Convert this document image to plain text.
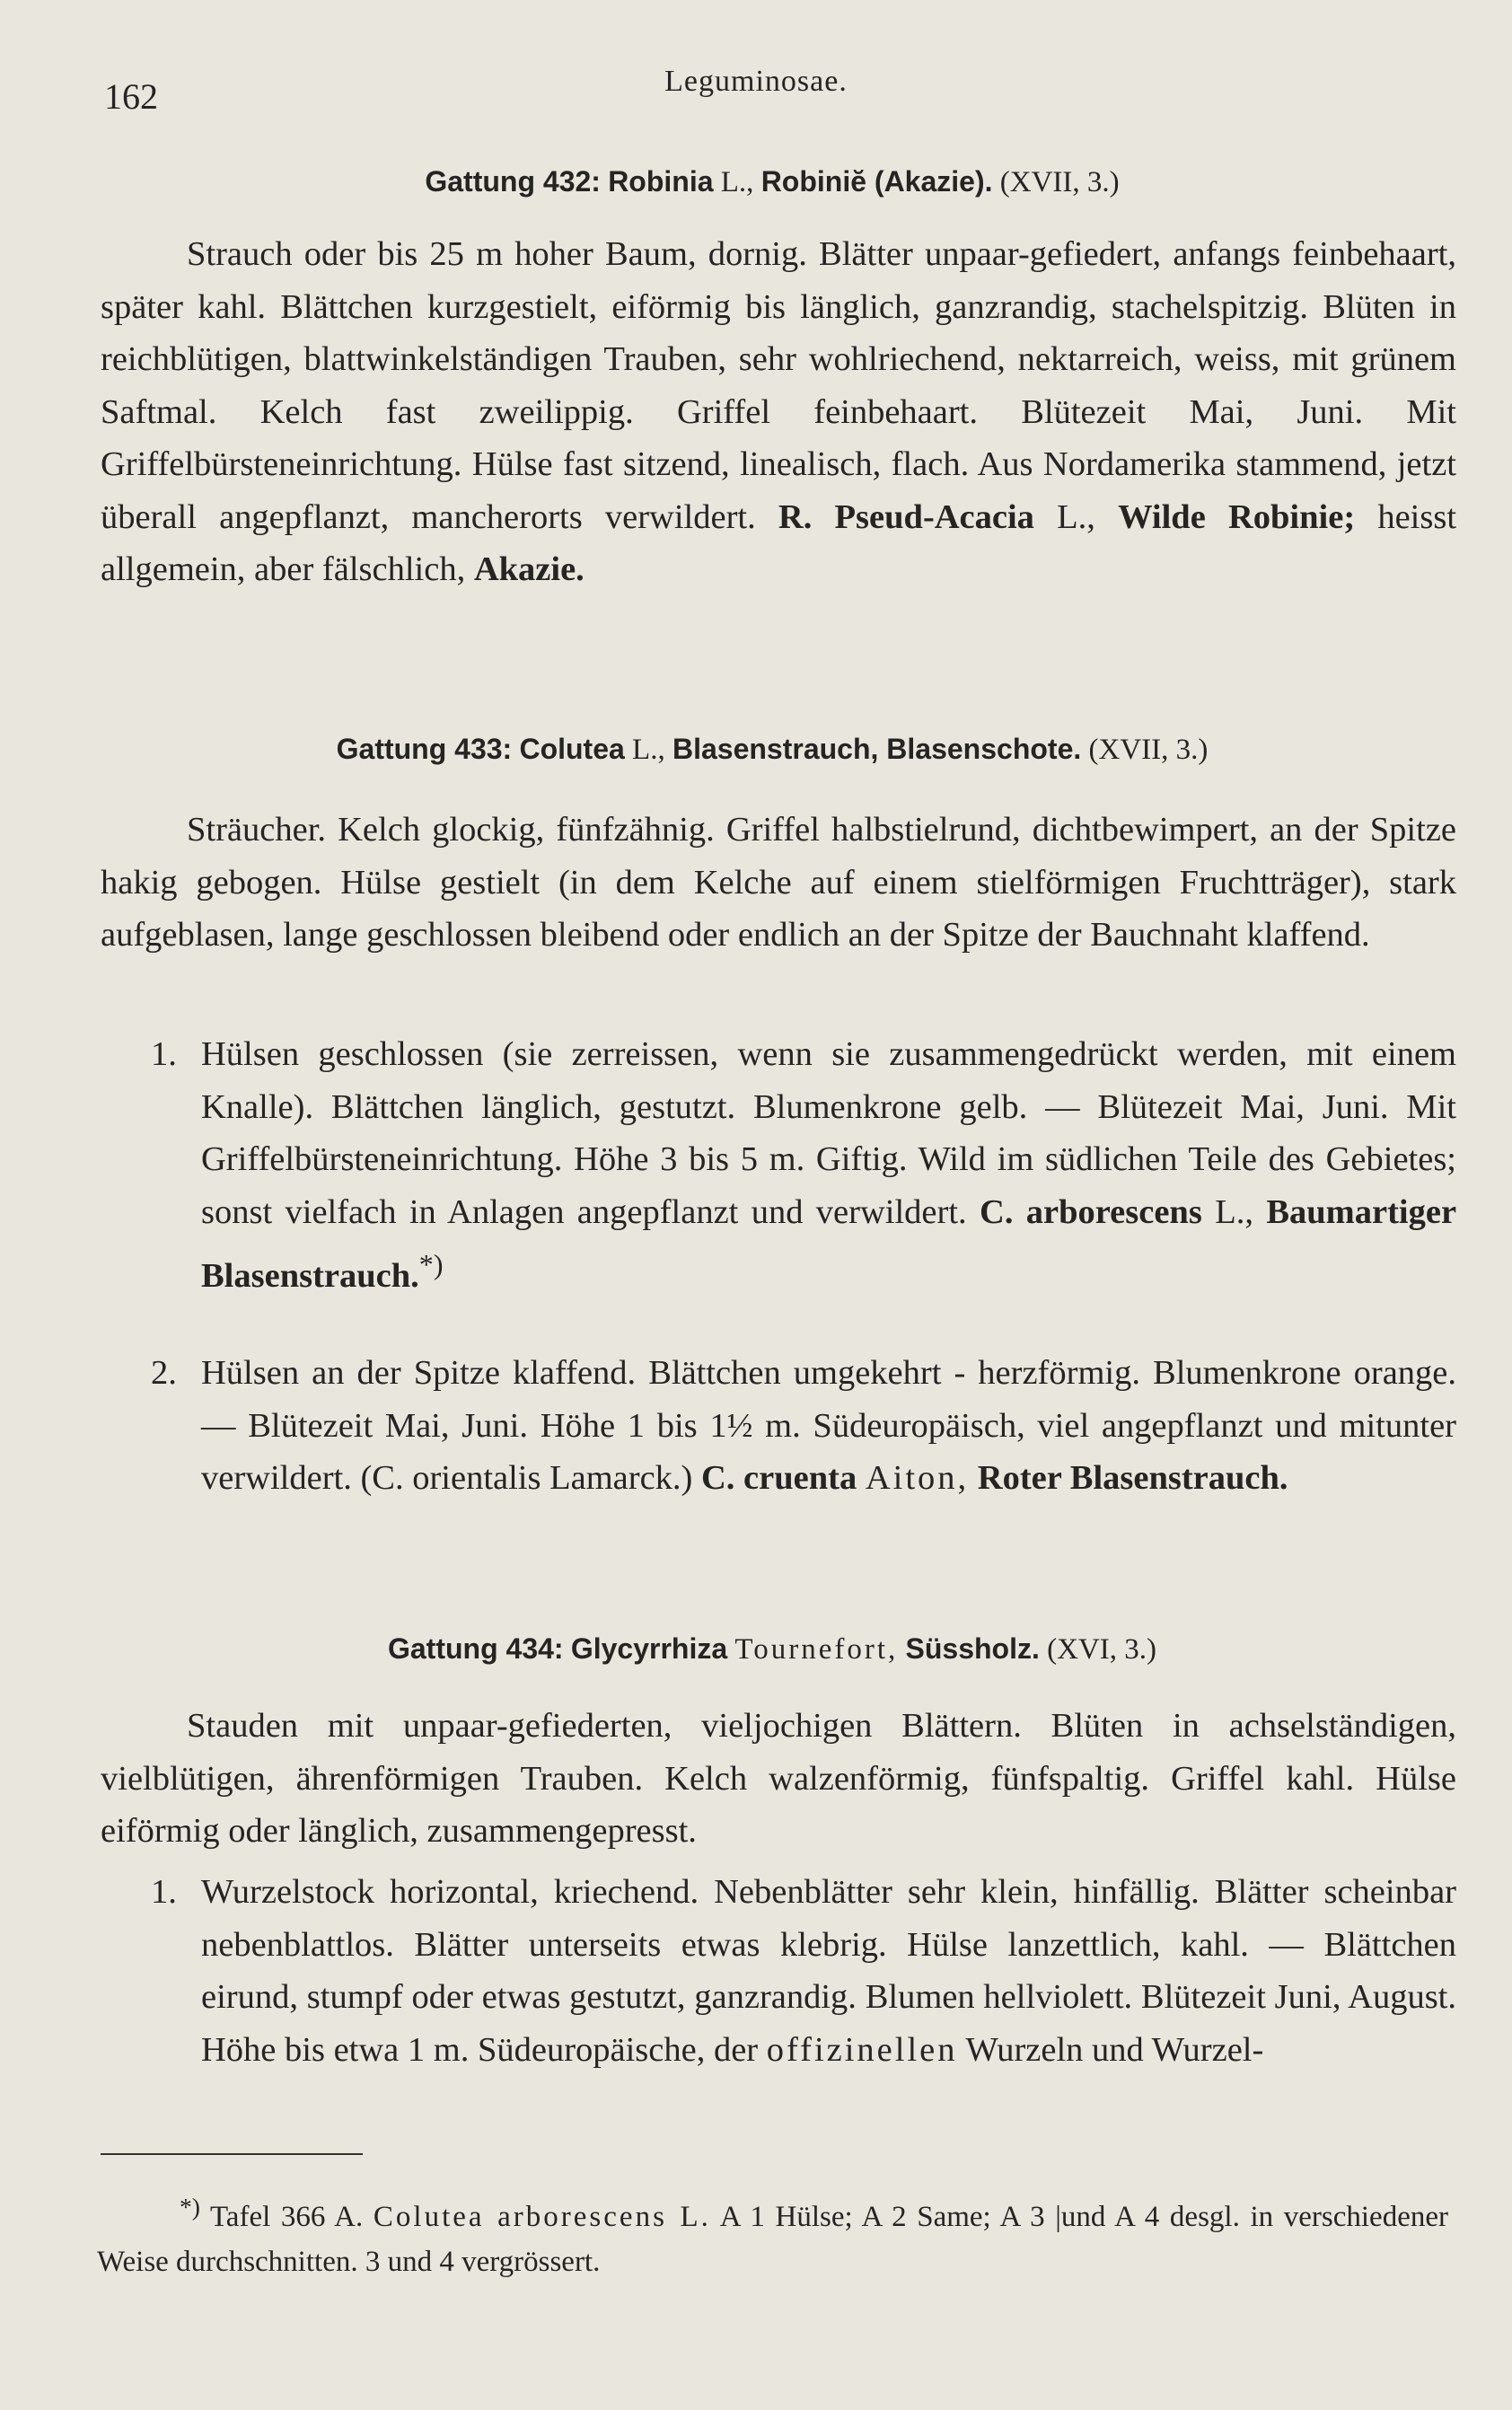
162	Leguminosae.
Gattung 432: Robinia L., Robiniĕ (Akazie). (XVII, 3.)
Strauch oder bis 25 m hoher Baum, dornig. Blätter unpaar-gefiedert, anfangs feinbehaart, später kahl. Blättchen kurzgestielt, eiförmig bis länglich, ganzrandig, stachelspitzig. Blüten in reichblütigen, blattwinkelständigen Trauben, sehr wohlriechend, nektarreich, weiss, mit grünem Saftmal. Kelch fast zweilippig. Griffel feinbehaart. Blütezeit Mai, Juni. Mit Griffelbürsteneinrichtung. Hülse fast sitzend, linealisch, flach. Aus Nordamerika stammend, jetzt überall angepflanzt, mancherorts verwildert. R. Pseud-Acacia L., Wilde Robinie; heisst allgemein, aber fälschlich, Akazie.
Gattung 433: Colutea L., Blasenstrauch, Blasenschote. (XVII, 3.)
Sträucher. Kelch glockig, fünfzähnig. Griffel halbstielrund, dichtbewimpert, an der Spitze hakig gebogen. Hülse gestielt (in dem Kelche auf einem stielförmigen Fruchtträger), stark aufgeblasen, lange geschlossen bleibend oder endlich an der Spitze der Bauchnaht klaffend.
1. Hülsen geschlossen (sie zerreissen, wenn sie zusammengedrückt werden, mit einem Knalle). Blättchen länglich, gestutzt. Blumenkrone gelb. — Blütezeit Mai, Juni. Mit Griffelbürsteneinrichtung. Höhe 3 bis 5 m. Giftig. Wild im südlichen Teile des Gebietes; sonst vielfach in Anlagen angepflanzt und verwildert. C. arborescens L., Baumartiger Blasenstrauch.*)
2. Hülsen an der Spitze klaffend. Blättchen umgekehrt - herzförmig. Blumenkrone orange. — Blütezeit Mai, Juni. Höhe 1 bis 1½ m. Südeuropäisch, viel angepflanzt und mitunter verwildert. (C. orientalis Lamarck.) C. cruenta Aiton, Roter Blasenstrauch.
Gattung 434: Glycyrrhiza Tournefort, Süssholz. (XVI, 3.)
Stauden mit unpaar-gefiederten, vieljochigen Blättern. Blüten in achselständigen, vielblütigen, ährenförmigen Trauben. Kelch walzenförmig, fünfspaltig. Griffel kahl. Hülse eiförmig oder länglich, zusammengepresst.
1. Wurzelstock horizontal, kriechend. Nebenblätter sehr klein, hinfällig. Blätter scheinbar nebenblattlos. Blätter unterseits etwas klebrig. Hülse lanzettlich, kahl. — Blättchen eirund, stumpf oder etwas gestutzt, ganzrandig. Blumen hellviolett. Blütezeit Juni, August. Höhe bis etwa 1 m. Südeuropäische, der offizinellen Wurzeln und Wurzel-
*) Tafel 366 A. Colutea arborescens L. A 1 Hülse; A 2 Same; A 3 |und A 4 desgl. in verschiedener Weise durchschnitten. 3 und 4 vergrössert.
